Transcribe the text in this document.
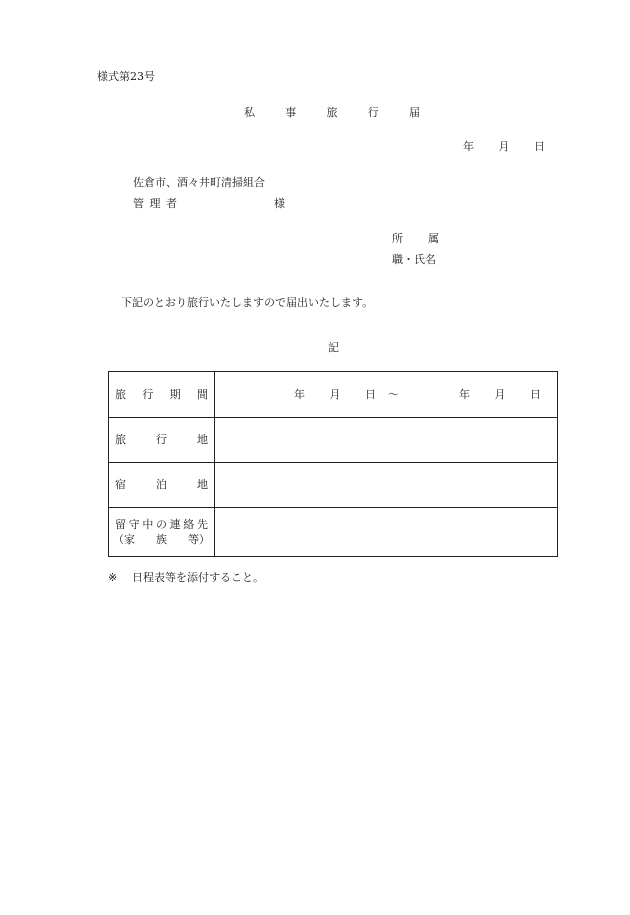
様式第23号
私	事	旅	行	届
年 月 日
佐倉市、酒々井町清掃組合
管 理 者	様
所 属
職・氏名
下記のとおり旅行いたしますので届出いたします。
記
旅 行 期 間	年 月 日 ～	年 月 日
旅	行	地
宿	泊	地
留 守 中 の 連 絡 先
（家 族 等）
※ 日程表等を添付すること。
